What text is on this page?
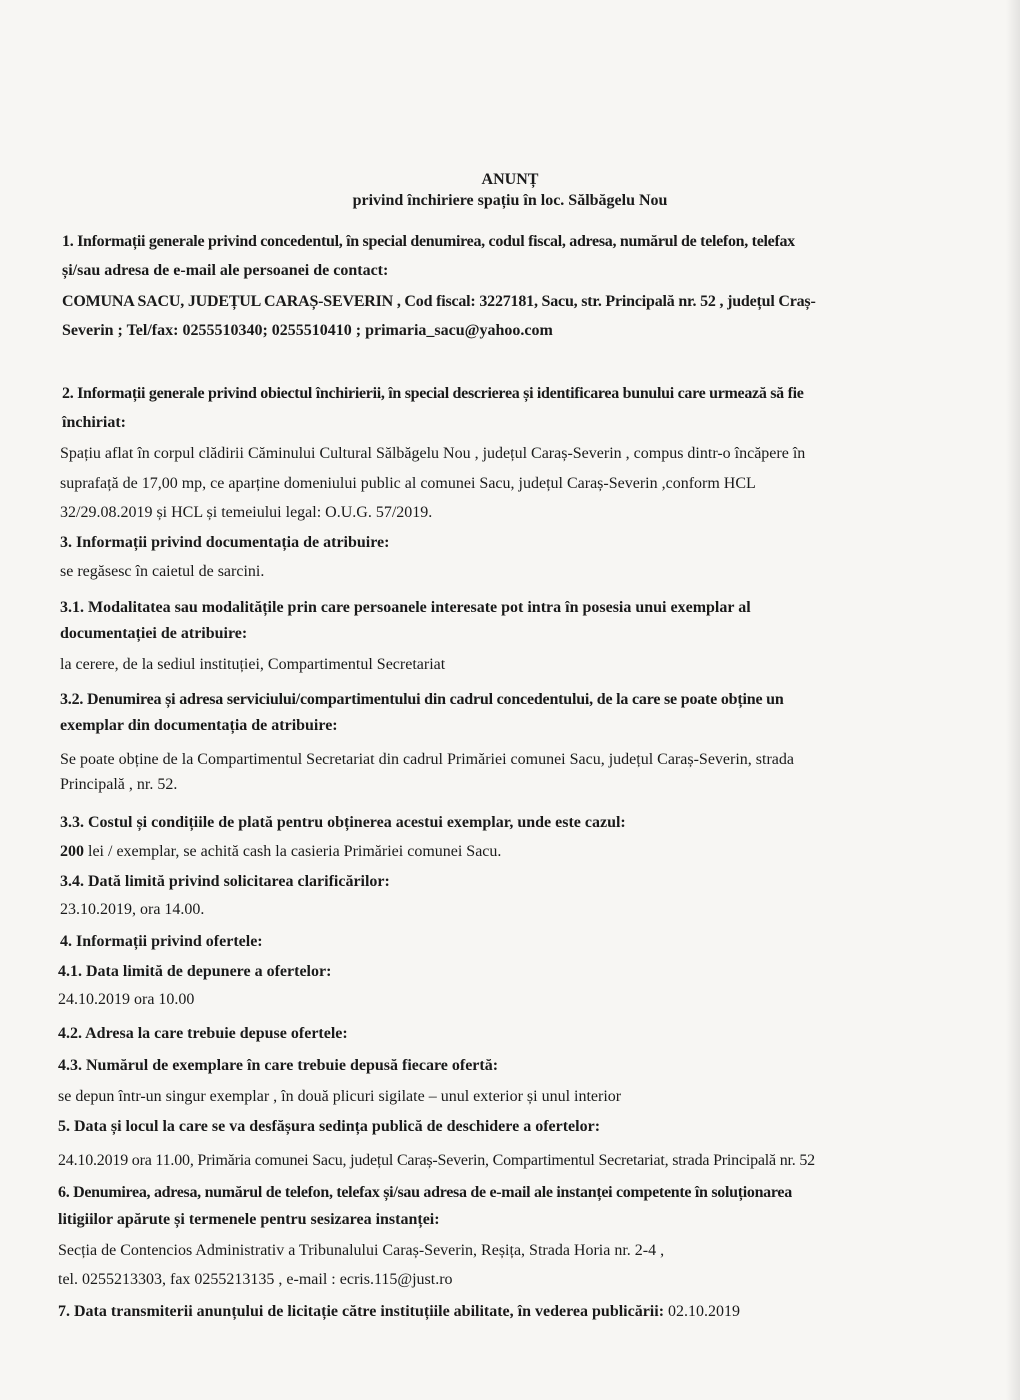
ANUNȚ
privind închiriere spațiu în loc. Sălbăgelu Nou
1. Informații generale privind concedentul, în special denumirea, codul fiscal, adresa, numărul de telefon, telefax
și/sau adresa de e-mail ale persoanei de contact:
COMUNA SACU, JUDEȚUL CARAȘ-SEVERIN , Cod fiscal: 3227181, Sacu, str. Principală nr. 52 , județul Craș-
Severin ; Tel/fax: 0255510340; 0255510410 ; primaria_sacu@yahoo.com
2. Informații generale privind obiectul închirierii, în special descrierea și identificarea bunului care urmează să fie
închiriat:
Spațiu aflat în corpul clădirii Căminului Cultural Sălbăgelu Nou , județul Caraș-Severin , compus dintr-o încăpere în
suprafață de 17,00 mp, ce aparține domeniului public al comunei Sacu, județul Caraș-Severin ,conform HCL
32/29.08.2019 și HCL și temeiului legal: O.U.G. 57/2019.
3. Informații privind documentația de atribuire:
se regăsesc în caietul de sarcini.
3.1. Modalitatea sau modalitățile prin care persoanele interesate pot intra în posesia unui exemplar al
documentației de atribuire:
la cerere, de la sediul instituției, Compartimentul Secretariat
3.2. Denumirea și adresa serviciului/compartimentului din cadrul concedentului, de la care se poate obține un
exemplar din documentația de atribuire:
Se poate obține de la Compartimentul Secretariat din cadrul Primăriei comunei Sacu, județul Caraș-Severin, strada
Principală , nr. 52.
3.3. Costul și condițiile de plată pentru obținerea acestui exemplar, unde este cazul:
200 lei / exemplar, se achită cash la casieria Primăriei comunei Sacu.
3.4. Dată limită privind solicitarea clarificărilor:
23.10.2019, ora 14.00.
4. Informații privind ofertele:
4.1. Data limită de depunere a ofertelor:
24.10.2019 ora 10.00
4.2. Adresa la care trebuie depuse ofertele:
4.3. Numărul de exemplare în care trebuie depusă fiecare ofertă:
se depun într-un singur exemplar , în două plicuri sigilate – unul exterior și unul interior
5. Data și locul la care se va desfășura sedința publică de deschidere a ofertelor:
24.10.2019 ora 11.00, Primăria comunei Sacu, județul Caraș-Severin, Compartimentul Secretariat, strada Principală nr. 52
6. Denumirea, adresa, numărul de telefon, telefax și/sau adresa de e-mail ale instanței competente în soluționarea
litigiilor apărute și termenele pentru sesizarea instanței:
Secția de Contencios Administrativ a Tribunalului Caraș-Severin, Reșița, Strada Horia nr. 2-4 ,
tel. 0255213303, fax 0255213135 , e-mail : ecris.115@just.ro
7. Data transmiterii anunțului de licitație către instituțiile abilitate, în vederea publicării: 02.10.2019
